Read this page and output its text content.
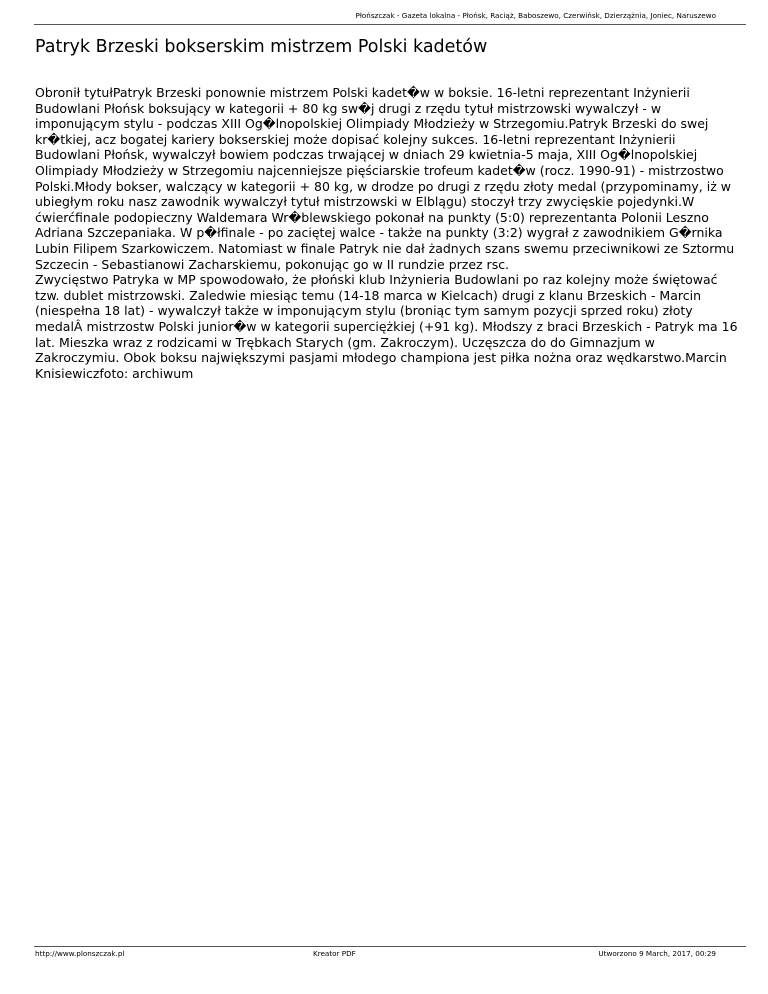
Płońszczak - Gazeta lokalna - Płońsk, Raciąż, Baboszewo, Czerwińsk, Dzierzążnia, Joniec, Naruszewo
Patryk Brzeski bokserskim mistrzem Polski kadetów

Obronił tytułPatryk Brzeski ponownie mistrzem Polski kadet�w w boksie. 16-letni reprezentant Inżynierii Budowlani Płońsk boksujący w kategorii + 80 kg sw�j drugi z rzędu tytuł mistrzowski wywalczył - w imponującym stylu - podczas XIII Og�lnopolskiej Olimpiady Młodzieży w Strzegomiu.Patryk Brzeski do swej kr�tkiej, acz bogatej kariery bokserskiej może dopisać kolejny sukces. 16-letni reprezentant Inżynierii Budowlani Płońsk, wywalczył bowiem podczas trwającej w dniach 29 kwietnia-5 maja, XIII Og�lnopolskiej Olimpiady Młodzieży w Strzegomiu najcenniejsze pięściarskie trofeum kadet�w (rocz. 1990-91) - mistrzostwo Polski.Młody bokser, walczący w kategorii + 80 kg, w drodze po drugi z rzędu złoty medal (przypominamy, iż w ubiegłym roku nasz zawodnik wywalczył tytuł mistrzowski w Elblągu) stoczył trzy zwycięskie pojedynki.W ćwierćfinale podopieczny Waldemara Wr�blewskiego pokonał na punkty (5:0) reprezentanta Polonii Leszno Adriana Szczepaniaka. W p�łfinale - po zaciętej walce - także na punkty (3:2) wygrał z zawodnikiem G�rnika Lubin Filipem Szarkowiczem. Natomiast w finale Patryk nie dał żadnych szans swemu przeciwnikowi ze Sztormu Szczecin - Sebastianowi Zacharskiemu, pokonując go w II rundzie przez rsc.

Zwycięstwo Patryka w MP spowodowało, że płoński klub Inżynieria Budowlani po raz kolejny może świętować tzw. dublet mistrzowski. Zaledwie miesiąc temu (14-18 marca w Kielcach) drugi z klanu Brzeskich - Marcin (niespełna 18 lat) - wywalczył także w imponującym stylu (broniąc tym samym pozycji sprzed roku) złoty medalÂ mistrzostw Polski junior�w w kategorii superciężkiej (+91 kg). Młodszy z braci Brzeskich - Patryk ma 16 lat. Mieszka wraz z rodzicami w Trębkach Starych (gm. Zakroczym). Uczęszcza do do Gimnazjum w Zakroczymiu. Obok boksu największymi pasjami młodego championa jest piłka nożna oraz wędkarstwo.Marcin Knisiewiczfoto: archiwum

http://www.plonszczak.pl	Kreator PDF	Utworzono 9 March, 2017, 00:29
